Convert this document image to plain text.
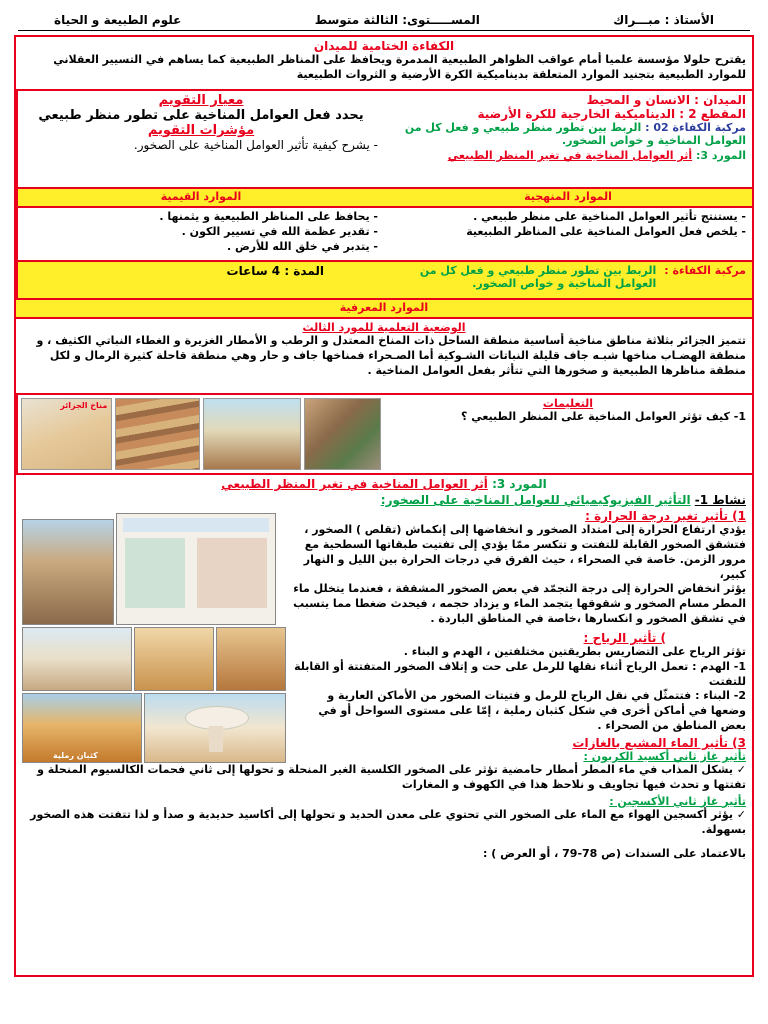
الأستاذ : مبـــراك
المســـــتوى: الثالثة متوسط
علوم الطبيعة و الحياة
الكفاءة الختامية للميدان

يقترح حلولا مؤسسة علميا أمام عواقب الظواهر الطبيعية المدمرة ويحافظ على المناظر الطبيعية كما يساهم في التسيير العقلاني للموارد الطبيعية بتجنيد الموارد المتعلقة بديناميكية الكرة الأرضية و الثروات الطبيعية

الميدان : الانسان و المحيط
المقطع 2 : الديناميكية الخارجية للكرة الأرضية
مركبة الكفاءة 02 : الربط بين تطور منظر طبيعي و فعل كل من العوامل المناخية و خواص الصخور.
المورد 3: أثر العوامل المناخية في تغير المنظر الطبيعي
معيار التقويم
يحدد فعل العوامل المناخية على تطور منظر طبيعي
مؤشرات التقويم
- يشرح كيفية تأثير العوامل المناخية على الصخور.
الموارد المنهجية
الموارد القيمية
- يستنتج تأثير العوامل المناخية على منظر طبيعي .
- يلخص فعل العوامل المناخية على المناظر الطبيعية
- يحافظ على المناظر الطبيعية و يثمنها .
- تقدير عظمة الله في تسيير الكون .
- يتدبر في خلق الله للأرض .
مركبة الكفاءة :
الربط بين تطور منظر طبيعي و فعل كل من العوامل المناخية و خواص الصخور.
المدة : 4 ساعات
الموارد المعرفية
الوضعية التعلمية للمورد الثالث

تتميز الجزائر بثلاثة مناطق مناخية أساسية منطقة الساحل ذات المناخ المعتدل و الرطب و الأمطار الغزيرة و الغطاء النباتي الكثيف ، و منطقة الهضـاب مناخها شبـه جاف قليلة النباتات الشـوكية أما الصـحراء فمناخها جاف و حار وهي منطقة قاحلة كثيرة الرمال و لكل منطقة مناظرها الطبيعية و صخورها التي تتأثر بفعل العوامل المناخية .

التعليمات
1- كيف تؤثر العوامل المناخية على المنظر الطبيعي ؟
مناخ الجزائر
المورد 3: أثر العوامل المناخية في تغير المنظر الطبيعي
نشاط 1- التأثير الفيزيوكيميائي للعوامل المناخية على الصخور:
كثبان رملية
1) تأثير تغير درجة الحرارة :

يؤدي ارتفاع الحرارة إلى امتداد الصخور و انخفاضها إلى إنكماش (تقلص ) الصخور ، فتشقق الصخور القابلة للتفتت و تتكسر ممّا يؤدي إلى تفتيت طبقاتها السطحية مع مرور الزمن. خاصة في الصحراء ، حيث الفرق في درجات الحرارة بين الليل و النهار كبير،

يؤثر انخفاض الحرارة إلى درجة التجمّد في بعض الصخور المشققة ، فعندما يتخلل ماء المطر مسام الصخور و شقوقها يتجمد الماء و يزداد حجمه ، فيحدث ضغطا مما يتسبب في تشقق الصخور و انكسارها ،خاصة في المناطق الباردة .

) تأثير الرياح :

تؤثر الرياح على التضاريس بطريقتين مختلفتين ، الهدم و البناء .

1- الهدم : تعمل الرياح أثناء نقلها للرمل على حت و إتلاف الصخور المتفتتة أو القابلة للتفتت

2- البناء : فتتمثّل في نقل الرياح للرمل و فتيتات الصخور من الأماكن العارية و وضعها في أماكن أخرى في شكل كثبان رملية ، إمّا على مستوى السواحل أو في بعض المناطق من الصحراء .

3) تأثير الماء المشبع بالغازات
تأثير غاز ثاني أكسيد الكربون :

✓ يشكل المذاب في ماء المطر أمطار حامضية تؤثر على الصخور الكلسية الغير المنحلة و تحولها إلى ثاني فحمات الكالسيوم المنحلة و تفتتها و تحدث فيها تجاويف و نلاحظ هذا في الكهوف و المغارات

تأثير غاز ثاني الأكسجين :

✓ يؤثر أكسجين الهواء مع الماء على الصخور التي تحتوي على معدن الحديد و تحولها إلى أكاسيد حديدية و صدأ و لذا تتفتت هذه الصخور بسهولة.

بالاعتماد على السندات (ص 78-79 ، أو العرض ) :
